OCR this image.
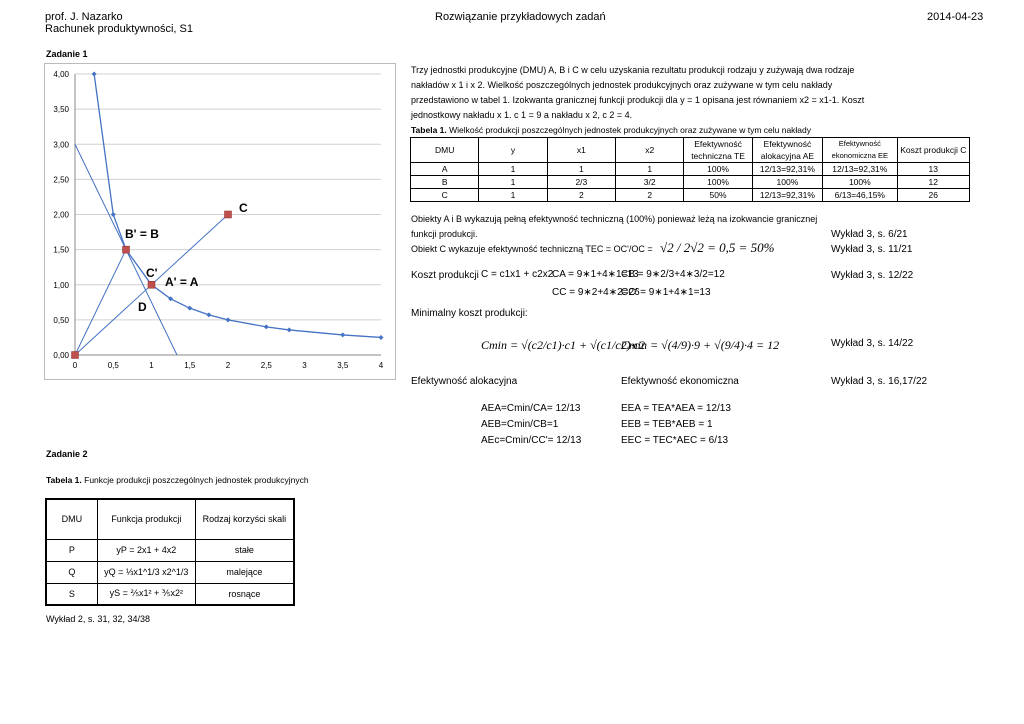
prof. J. Nazarko
Rachunek produktywności, S1
Rozwiązanie przykładowych zadań	2014-04-23
Zadanie 1
0,00
0,50
1,00
1,50
2,00
2,50
3,00
3,50
4,00
0	0,5	1	1,5	2	2,5	3	3,5	4
C
B' = B
C'
A' = A
D
Trzy jednostki produkcyjne (DMU) A, B i C w celu uzyskania rezultatu produkcji rodzaju y zużywają dwa rodzaje
nakładów x 1 i x 2. Wielkość poszczególnych jednostek produkcyjnych oraz zużywane w tym celu nakłady
przedstawiono w tabel 1. Izokwanta granicznej funkcji produkcji dla y = 1 opisana jest równaniem x2 = x1-1. Koszt
jednostkowy nakładu x 1. c 1 = 9 a nakładu x 2, c 2 = 4.
Tabela 1. Wielkość produkcji poszczególnych jednostek produkcyjnych oraz zużywane w tym celu nakłady
DMU	y	x1	x2	Efektywność techniczna TE	Efektywność alokacyjna AE	Efektywność ekonomiczna EE	Koszt produkcji C
A	1	1	1	100%	12/13=92,31%	12/13=92,31%	13
B	1	2/3	3/2	100%	100%	100%	12
C	1	2	2	50%	12/13=92,31%	6/13=46,15%	26
Obiekty A i B wykazują pełną efektywność techniczną (100%) ponieważ leżą na izokwancie granicznej
funkcji produkcji.	Wykład 3, s. 6/21
Obiekt C wykazuje efektywność techniczną TEC = OC'/OC = √2 / 2√2 = 0,5 = 50%	Wykład 3, s. 11/21
Koszt produkcji C = c1x1 + c2x2
CA = 9∗1+4∗1=13
CB = 9∗2/3+4∗3/2=12
CC = 9∗2+4∗2=26
CC' = 9∗1+4∗1=13
Wykład 3, s. 12/22
Minimalny koszt produkcji:
Cmin = √(c2/c1)·c1 + √(c1/c2)·c2
Cmin = √(4/9)·9 + √(9/4)·4 = 12	Wykład 3, s. 14/22
Efektywność alokacyjna	Efektywność ekonomiczna	Wykład 3, s. 16,17/22
AEA=Cmin/CA= 12/13
AEB=Cmin/CB=1
AEc=Cmin/CC'= 12/13
EEA = TEA*AEA = 12/13
EEB = TEB*AEB = 1
EEC = TEC*AEC = 6/13
Zadanie 2
Tabela 1. Funkcje produkcji poszczególnych jednostek produkcyjnych
DMU	Funkcja produkcji	Rodzaj korzyści skali
P	yP = 2x1 + 4x2	stałe
Q	yQ = ⅓x1^1/3 x2^1/3	malejące
S	yS = ⅖x1² + ⅗x2²	rosnące
Wykład 2, s. 31, 32, 34/38
